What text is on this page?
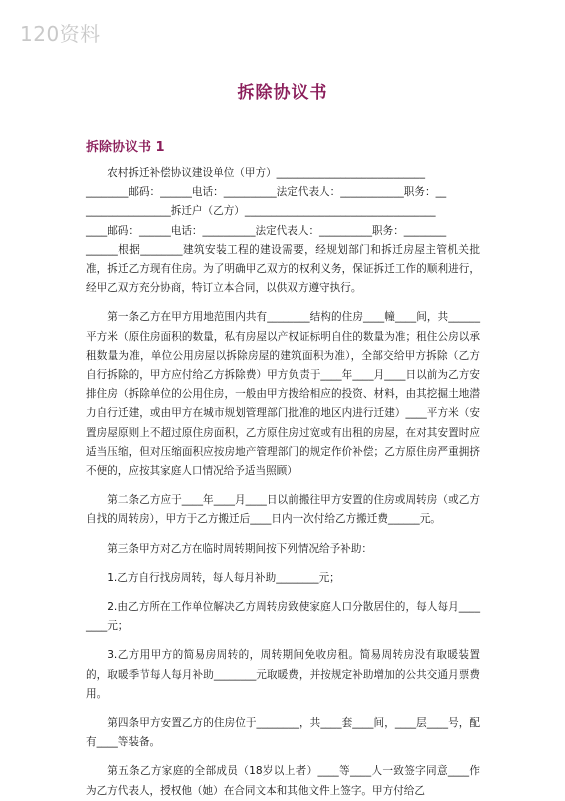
120资料
拆除协议书
拆除协议书 1

农村拆迁补偿协议建设单位（甲方）____________________________

________邮码：______电话：__________法定代表人：____________职务：__

________________拆迁户（乙方）____________________________________

____邮码：______电话：__________法定代表人：__________职务：________

______根据________建筑安装工程的建设需要，经规划部门和拆迁房屋主管机关批准，拆迁乙方现有住房。为了明确甲乙双方的权利义务，保证拆迁工作的顺利进行，经甲乙双方充分协商，特订立本合同，以供双方遵守执行。

第一条乙方在甲方用地范围内共有________结构的住房____幢____间，共______平方米（原住房面积的数量，私有房屋以产权证标明自住的数量为准；租住公房以承租数量为准，单位公用房屋以拆除房屋的建筑面积为准），全部交给甲方拆除（乙方自行拆除的，甲方应付给乙方拆除费）甲方负责于____年____月____日以前为乙方安排住房（拆除单位的公用住房，一般由甲方拨给相应的投资、材料，由其挖掘土地潜力自行迁建，或由甲方在城市规划管理部门批准的地区内进行迁建）____平方米（安置房屋原则上不超过原住房面积，乙方原住房过宽或有出租的房屋，在对其安置时应适当压缩，但对压缩面积应按房地产管理部门的规定作价补偿；乙方原住房严重拥挤不便的，应按其家庭人口情况给予适当照顾）

第二条乙方应于____年____月____日以前搬往甲方安置的住房或周转房（或乙方自找的周转房），甲方于乙方搬迁后____日内一次付给乙方搬迁费______元。

第三条甲方对乙方在临时周转期间按下列情况给予补助：

1.乙方自行找房周转，每人每月补助________元；

2.由乙方所在工作单位解决乙方周转房致使家庭人口分散居住的，每人每月________元；

3.乙方用甲方的简易房周转的，周转期间免收房租。简易周转房没有取暖装置的，取暖季节每人每月补助________元取暖费，并按规定补助增加的公共交通月票费用。

第四条甲方安置乙方的住房位于________，共____套____间，____层____号，配有____等装备。

第五条乙方家庭的全部成员（18岁以上者）____等____人一致签字同意____作为乙方代表人，授权他（她）在合同文本和其他文件上签字。甲方付给乙
